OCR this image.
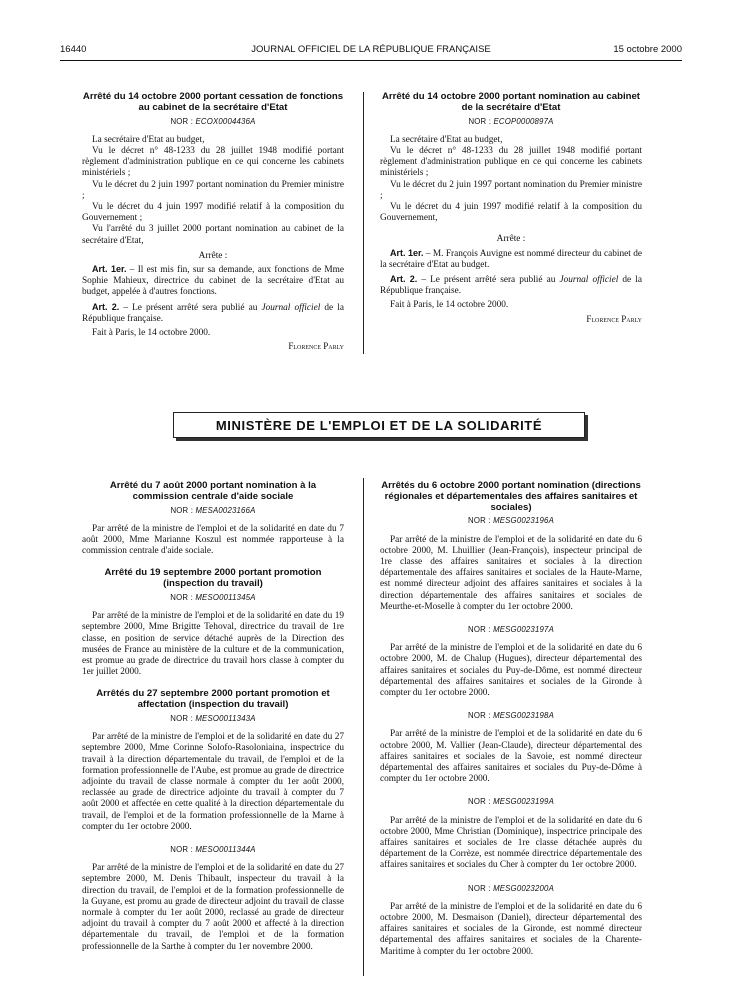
16440	JOURNAL OFFICIEL DE LA RÉPUBLIQUE FRANÇAISE	15 octobre 2000

Arrêté du 14 octobre 2000 portant cessation de fonctions au cabinet de la secrétaire d'Etat

NOR : ECOX0004436A

La secrétaire d'Etat au budget,

Vu le décret n° 48-1233 du 28 juillet 1948 modifié portant règlement d'administration publique en ce qui concerne les cabinets ministériels ;

Vu le décret du 2 juin 1997 portant nomination du Premier ministre ;

Vu le décret du 4 juin 1997 modifié relatif à la composition du Gouvernement ;

Vu l'arrêté du 3 juillet 2000 portant nomination au cabinet de la secrétaire d'Etat,

Arrête :

Art. 1er. – Il est mis fin, sur sa demande, aux fonctions de Mme Sophie Mahieux, directrice du cabinet de la secrétaire d'Etat au budget, appelée à d'autres fonctions.

Art. 2. – Le présent arrêté sera publié au Journal officiel de la République française.

Fait à Paris, le 14 octobre 2000.

Florence Parly

Arrêté du 14 octobre 2000 portant nomination au cabinet de la secrétaire d'Etat

NOR : ECOP0000897A

La secrétaire d'Etat au budget,

Vu le décret n° 48-1233 du 28 juillet 1948 modifié portant règlement d'administration publique en ce qui concerne les cabinets ministériels ;

Vu le décret du 2 juin 1997 portant nomination du Premier ministre ;

Vu le décret du 4 juin 1997 modifié relatif à la composition du Gouvernement,

Arrête :

Art. 1er. – M. François Auvigne est nommé directeur du cabinet de la secrétaire d'Etat au budget.

Art. 2. – Le présent arrêté sera publié au Journal officiel de la République française.

Fait à Paris, le 14 octobre 2000.

Florence Parly

MINISTÈRE DE L'EMPLOI ET DE LA SOLIDARITÉ

Arrêté du 7 août 2000 portant nomination à la commission centrale d'aide sociale

NOR : MESA0023166A

Par arrêté de la ministre de l'emploi et de la solidarité en date du 7 août 2000, Mme Marianne Koszul est nommée rapporteuse à la commission centrale d'aide sociale.

Arrêté du 19 septembre 2000 portant promotion (inspection du travail)

NOR : MESO0011345A

Par arrêté de la ministre de l'emploi et de la solidarité en date du 19 septembre 2000, Mme Brigitte Tehoval, directrice du travail de 1re classe, en position de service détaché auprès de la Direction des musées de France au ministère de la culture et de la communication, est promue au grade de directrice du travail hors classe à compter du 1er juillet 2000.

Arrêtés du 27 septembre 2000 portant promotion et affectation (inspection du travail)

NOR : MESO0011343A

Par arrêté de la ministre de l'emploi et de la solidarité en date du 27 septembre 2000, Mme Corinne Solofo-Rasoloniaina, inspectrice du travail à la direction départementale du travail, de l'emploi et de la formation professionnelle de l'Aube, est promue au grade de directrice adjointe du travail de classe normale à compter du 1er août 2000, reclassée au grade de directrice adjointe du travail à compter du 7 août 2000 et affectée en cette qualité à la direction départementale du travail, de l'emploi et de la formation professionnelle de la Marne à compter du 1er octobre 2000.

NOR : MESO0011344A

Par arrêté de la ministre de l'emploi et de la solidarité en date du 27 septembre 2000, M. Denis Thibault, inspecteur du travail à la direction du travail, de l'emploi et de la formation professionnelle de la Guyane, est promu au grade de directeur adjoint du travail de classe normale à compter du 1er août 2000, reclassé au grade de directeur adjoint du travail à compter du 7 août 2000 et affecté à la direction départementale du travail, de l'emploi et de la formation professionnelle de la Sarthe à compter du 1er novembre 2000.

Arrêtés du 6 octobre 2000 portant nomination (directions régionales et départementales des affaires sanitaires et sociales)

NOR : MESG0023196A

Par arrêté de la ministre de l'emploi et de la solidarité en date du 6 octobre 2000, M. Lhuillier (Jean-François), inspecteur principal de 1re classe des affaires sanitaires et sociales à la direction départementale des affaires sanitaires et sociales de la Haute-Marne, est nommé directeur adjoint des affaires sanitaires et sociales à la direction départementale des affaires sanitaires et sociales de Meurthe-et-Moselle à compter du 1er octobre 2000.

NOR : MESG0023197A

Par arrêté de la ministre de l'emploi et de la solidarité en date du 6 octobre 2000, M. de Chalup (Hugues), directeur départemental des affaires sanitaires et sociales du Puy-de-Dôme, est nommé directeur départemental des affaires sanitaires et sociales de la Gironde à compter du 1er octobre 2000.

NOR : MESG0023198A

Par arrêté de la ministre de l'emploi et de la solidarité en date du 6 octobre 2000, M. Vallier (Jean-Claude), directeur départemental des affaires sanitaires et sociales de la Savoie, est nommé directeur départemental des affaires sanitaires et sociales du Puy-de-Dôme à compter du 1er octobre 2000.

NOR : MESG0023199A

Par arrêté de la ministre de l'emploi et de la solidarité en date du 6 octobre 2000, Mme Christian (Dominique), inspectrice principale des affaires sanitaires et sociales de 1re classe détachée auprès du département de la Corrèze, est nommée directrice départementale des affaires sanitaires et sociales du Cher à compter du 1er octobre 2000.

NOR : MESG0023200A

Par arrêté de la ministre de l'emploi et de la solidarité en date du 6 octobre 2000, M. Desmaison (Daniel), directeur départemental des affaires sanitaires et sociales de la Gironde, est nommé directeur départemental des affaires sanitaires et sociales de la Charente-Maritime à compter du 1er octobre 2000.
